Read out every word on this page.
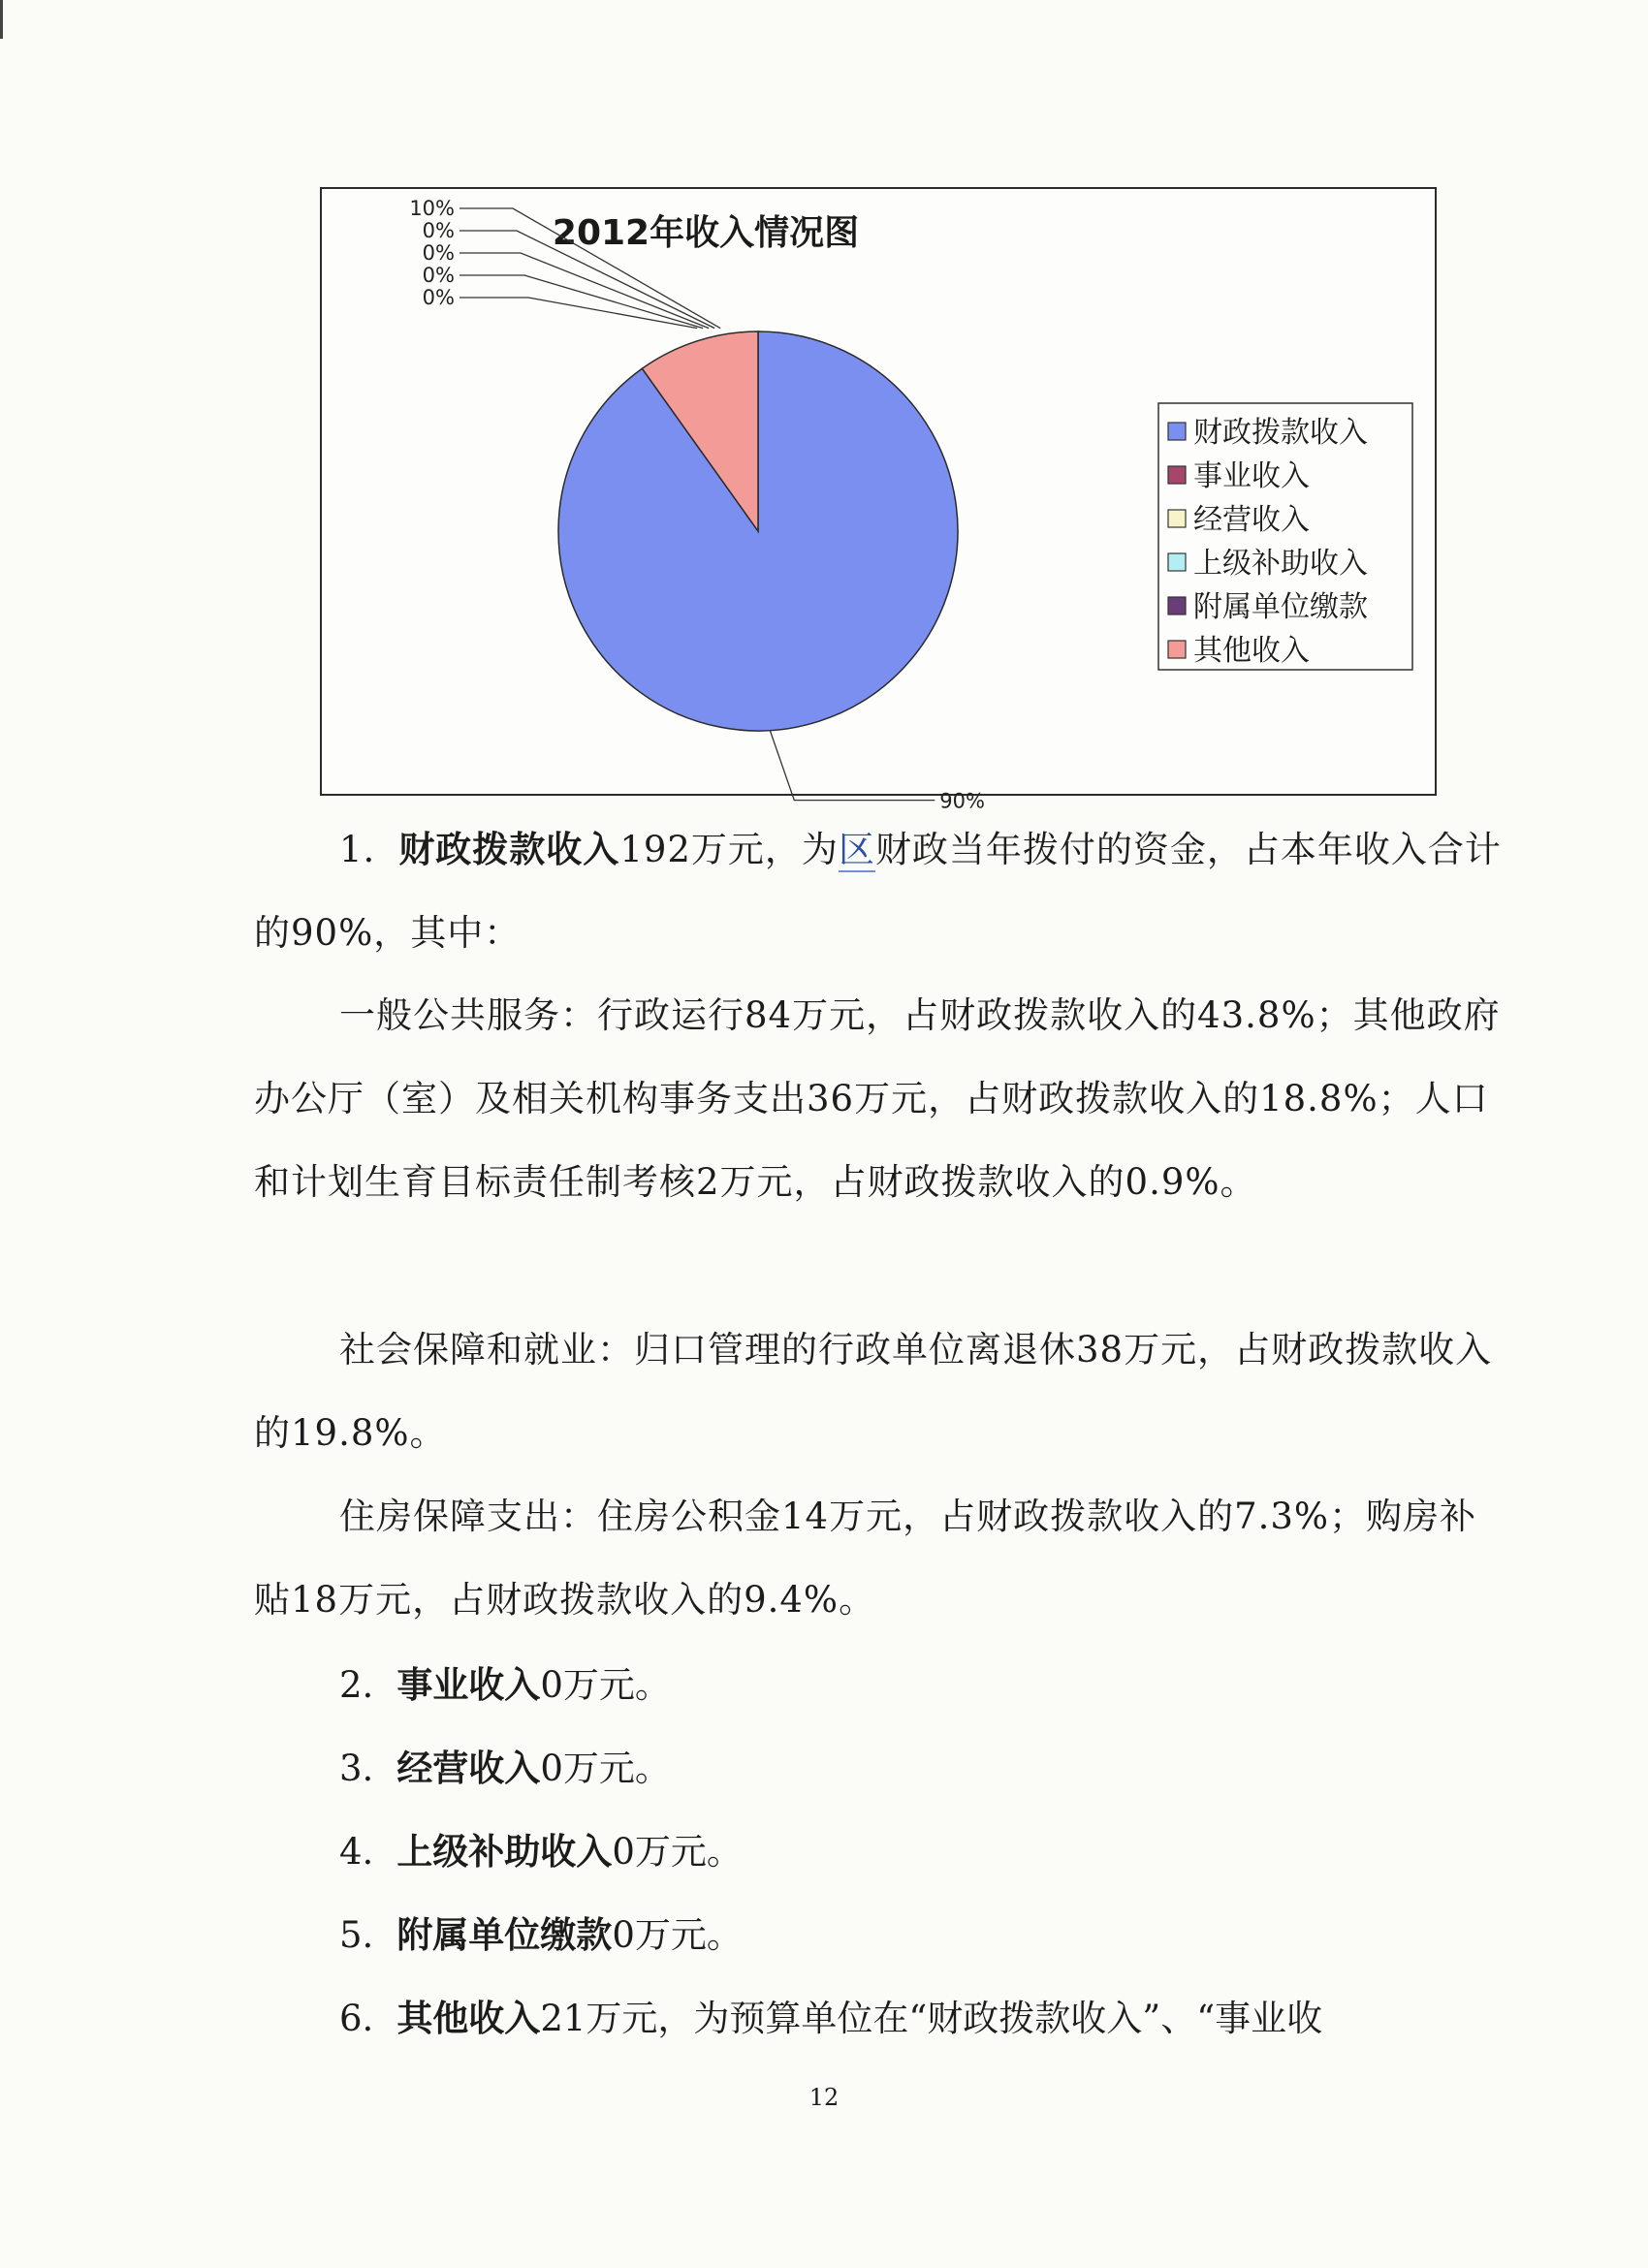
2012年收入情况图
90%
10%
0%
0%
0%
0%
财政拨款收入
事业收入
经营收入
上级补助收入
附属单位缴款
其他收入

1. 财政拨款收入192万元，为区财政当年拨付的资金，占本年收入合计的90%，其中：

一般公共服务：行政运行84万元，占财政拨款收入的43.8%；其他政府办公厅（室）及相关机构事务支出36万元，占财政拨款收入的18.8%；人口和计划生育目标责任制考核2万元，占财政拨款收入的0.9%。

社会保障和就业：归口管理的行政单位离退休38万元，占财政拨款收入的19.8%。

住房保障支出：住房公积金14万元，占财政拨款收入的7.3%；购房补贴18万元，占财政拨款收入的9.4%。

2. 事业收入0万元。

3. 经营收入0万元。

4. 上级补助收入0万元。

5. 附属单位缴款0万元。

6. 其他收入21万元，为预算单位在“财政拨款收入”、“事业收

12
